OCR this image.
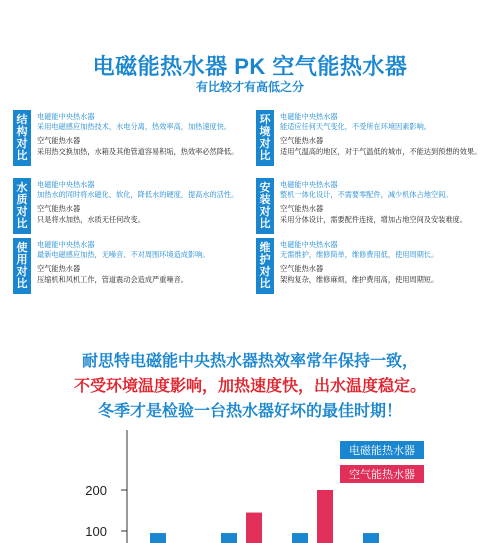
电磁能热水器 PK 空气能热水器
有比较才有高低之分
结
构
对
比
电磁能中央热水器
采用电磁感应加热技术，水电分离，热效率高，加热速度快。
空气能热水器
采用热交换加热，水箱及其他管道容易积垢，热效率必然降低。
环
境
对
比
电磁能中央热水器
能适应任何天气变化，不受所在环境因素影响。
空气能热水器
适用气温高的地区，对于气温低的城市，不能达到预想的效果。
水
质
对
比
电磁能中央热水器
加热水的同时将水磁化、软化，降低水的硬度，提高水的活性。
空气能热水器
只是将水加热，水质无任何改变。
安
装
对
比
电磁能中央热水器
整机一体化设计，不需要零配件，减少机体占地空间。
空气能热水器
采用分体设计，需要配件连接，增加占地空间及安装难度。
使
用
对
比
电磁能中央热水器
最新电磁感应加热，无噪音、不对周围环境造成影响。
空气能热水器
压缩机和风机工作，管道震动会造成严重噪音。
维
护
对
比
电磁能中央热水器
无需维护，维修简单，维修费用低，使用周期长。
空气能热水器
架构复杂，维修麻烦，维护费用高，使用周期短。
耐思特电磁能中央热水器热效率常年保持一致，
不受环境温度影响，加热速度快，出水温度稳定。
冬季才是检验一台热水器好坏的最佳时期！
电磁能热水器
空气能热水器
100
200
